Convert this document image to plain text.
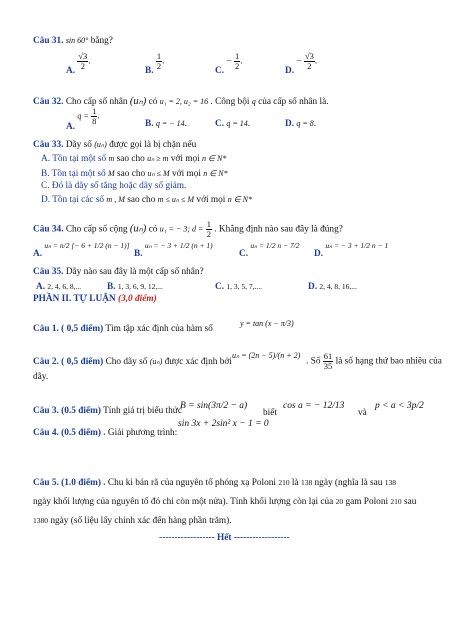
Câu 31. sin 60° bằng?
A. $\frac{√3}{2}$ .
B. $\frac{1}{2}$ .
C. − $\frac{1}{2}$ .
D. − $\frac{√3}{2}$ .
Câu 32. Cho cấp số nhân (uₙ) có u₁ = 2, u₂ = 16 . Công bội q của cấp số nhân là.
A. $q = \frac{1}{8}$ .
B. q = − 14.	C. q = 14.	D. q = 8.
Câu 33. Dãy số (uₙ) được gọi là bị chặn nếu
A. Tồn tại một số m sao cho uₙ ≥ m với mọi n ∈ N*
B. Tồn tại một số M sao cho uₙ ≤ M với mọi n ∈ N*
C. Đó là dãy số tăng hoặc dãy số giảm.
D. Tồn tại các số m , M sao cho m ≤ uₙ ≤ M với mọi n ∈ N*
Câu 34. Cho cấp số cộng (uₙ) có u₁ = − 3; $d = \frac{1}{2}$ . Khẳng định nào sau đây là đúng?
A. uₙ = n/2 [− 6 + 1/2 (n − 1)]
B. uₙ = − 3 + 1/2 (n + 1)
C. uₙ = 1/2 n − 7/2
D. uₙ = − 3 + 1/2 n − 1
Câu 35. Dãy nào sau đây là một cấp số nhân?
A. 2, 4, 6, 8,...	B. 1, 3, 6, 9, 12,...	C. 1, 3, 5, 7,....	D. 2, 4, 8, 16,...
PHẦN II. TỰ LUẬN (3,0 điểm)
Câu 1. ( 0,5 điểm) Tìm tập xác định của hàm số
y = tan (x − π/3)
Câu 2. ( 0,5 điểm) Cho dãy số (uₙ) được xác định bởi
uₙ = (2n − 5)/(n + 2)
. Số $\frac{61}{35}$ là số hạng thứ bao nhiêu của
dãy.
Câu 3. (0.5 điểm) Tính giá trị biểu thức
B = sin(3π/2 − a)
biết
cos a = − 12/13
và
p < a < 3p/2
Câu 4. (0.5 điểm) . Giải phương trình:
sin 3x + 2sin² x − 1 = 0
Câu 5. (1.0 điểm) . Chu kì bán rã của nguyên tố phóng xạ Poloni 210 là 138 ngày (nghĩa là sau 138
ngày khối lượng của nguyên tố đó chỉ còn một nửa). Tính khối lượng còn lại của 20 gam Poloni 210 sau
1380 ngày (số liệu lấy chính xác đến hàng phần trăm).
------------------ Hết ------------------
